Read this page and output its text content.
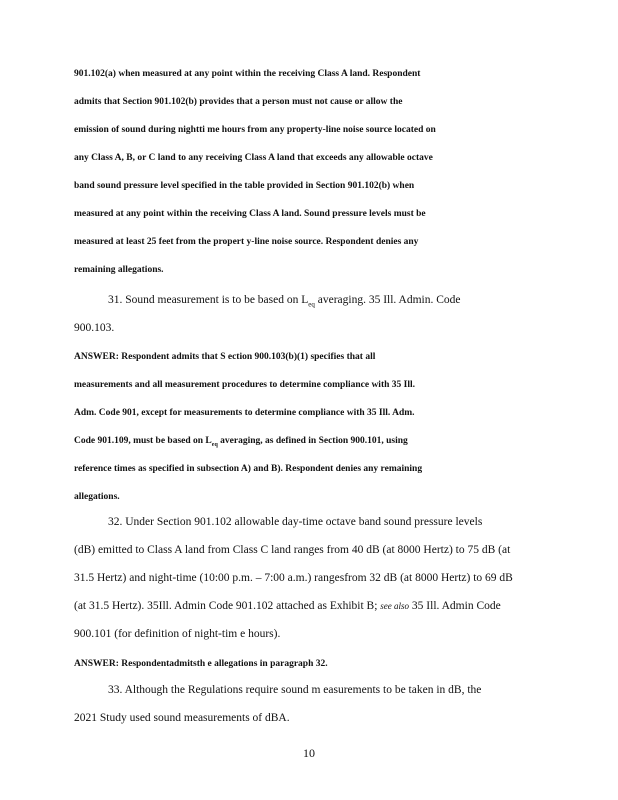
901.102(a) when measured at any point within the receiving Class A land. Respondent
admits that Section 901.102(b) provides that a person must not cause or allow the
emission of sound during nightti me hours from any property-line noise source located on
any Class A, B, or C land to any receiving Class A land that exceeds any allowable octave
band sound pressure level specified in the table provided in Section 901.102(b) when
measured at any point within the receiving Class A land. Sound pressure levels must be
measured at least 25 feet from the propert y-line noise source. Respondent denies any
remaining allegations.
31. Sound measurement is to be based on $L_{eq}$ averaging. 35 Ill. Admin. Code
900.103.
ANSWER: Respondent admits that S ection 900.103(b)(1) specifies that all
measurements and all measurement procedures to determine compliance with 35 Ill.
Adm. Code 901, except for measurements to determine compliance with 35 Ill. Adm.
Code 901.109, must be based on $L_{eq}$ averaging, as defined in Section 900.101, using
reference times as specified in subsection A) and B). Respondent denies any remaining
allegations.
32. Under Section 901.102 allowable day-time octave band sound pressure levels
(dB) emitted to Class A land from Class C land ranges from 40 dB (at 8000 Hertz) to 75 dB (at
31.5 Hertz) and night-time (10:00 p.m. – 7:00 a.m.) rangesfrom 32 dB (at 8000 Hertz) to 69 dB
(at 31.5 Hertz). 35Ill. Admin Code 901.102 attached as Exhibit B; see also 35 Ill. Admin Code
900.101 (for definition of night-tim e hours).
ANSWER: Respondentadmitsth e allegations in paragraph 32.
33. Although the Regulations require sound m easurements to be taken in dB, the
2021 Study used sound measurements of dBA.
10
